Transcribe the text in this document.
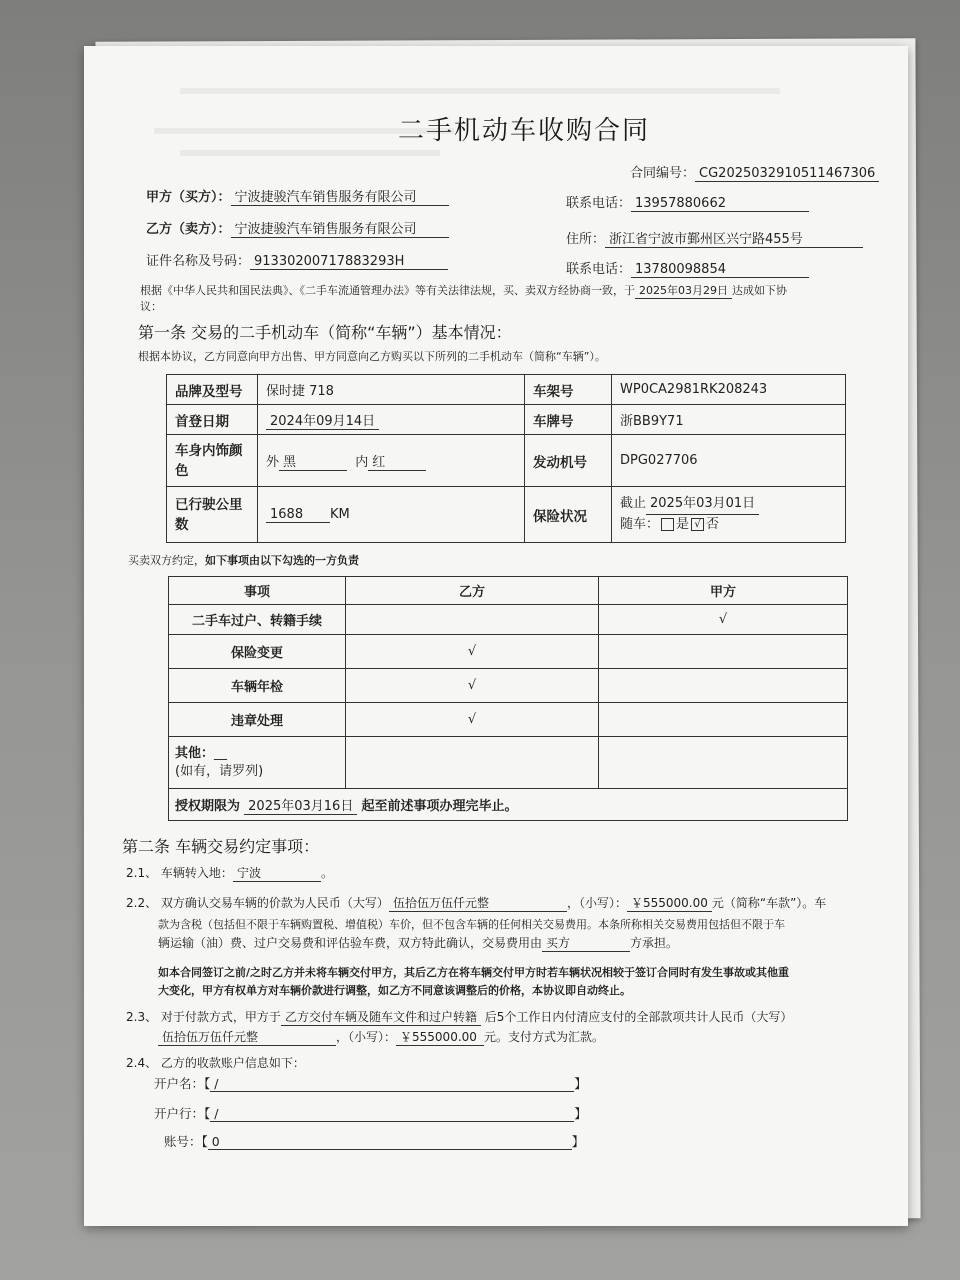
二手机动车收购合同
合同编号： CG2025032910511467306
甲方（买方）： 宁波捷骏汽车销售服务有限公司	联系电话： 13957880662
乙方（卖方）： 宁波捷骏汽车销售服务有限公司
住所： 浙江省宁波市鄞州区兴宁路455号
证件名称及号码： 91330200717883293H
联系电话： 13780098854
根据《中华人民共和国民法典》、《二手车流通管理办法》等有关法律法规，买、卖双方经协商一致，于 2025年03月29日 达成如下协
议：
第一条 交易的二手机动车（简称“车辆”）基本情况：
根据本协议，乙方同意向甲方出售、甲方同意向乙方购买以下所列的二手机动车（简称“车辆”）。
品牌及型号	保时捷 718	车架号	WP0CA2981RK208243
首登日期	2024年09月14日	车牌号	浙BB9Y71
车身内饰颜色	外 黑 内 红	发动机号	DPG027706
已行驶公里数	1688 KM	保险状况	截止 2025年03月01日
随车： 是 √ 否
买卖双方约定，如下事项由以下勾选的一方负责
事项	乙方	甲方
二手车过户、转籍手续		√
保险变更	√	
车辆年检	√	
违章处理	√	
其他：__
(如有，请罗列)		
授权期限为 2025年03月16日 起至前述事项办理完毕止。		
第二条 车辆交易约定事项：
2.1、 车辆转入地： 宁波	。
2.2、 双方确认交易车辆的价款为人民币（大写） 伍拾伍万伍仟元整	，（小写）： ￥555000.00 元（简称“车款”）。车
款为含税（包括但不限于车辆购置税、增值税）车价，但不包含车辆的任何相关交易费用。本条所称相关交易费用包括但不限于车
辆运输（油）费、过户交易费和评估验车费，双方特此确认，交易费用由 买方	方承担。
如本合同签订之前/之时乙方并未将车辆交付甲方，其后乙方在将车辆交付甲方时若车辆状况相较于签订合同时有发生事故或其他重
大变化，甲方有权单方对车辆价款进行调整，如乙方不同意该调整后的价格，本协议即自动终止。
2.3、 对于付款方式，甲方于 乙方交付车辆及随车文件和过户转籍 后5个工作日内付清应支付的全部款项共计人民币（大写）
伍拾伍万伍仟元整	，（小写）： ￥555000.00 元。支付方式为汇款。
2.4、 乙方的收款账户信息如下：
开户名：【 /	】
开户行：【 /	】
账号：【 0	】
